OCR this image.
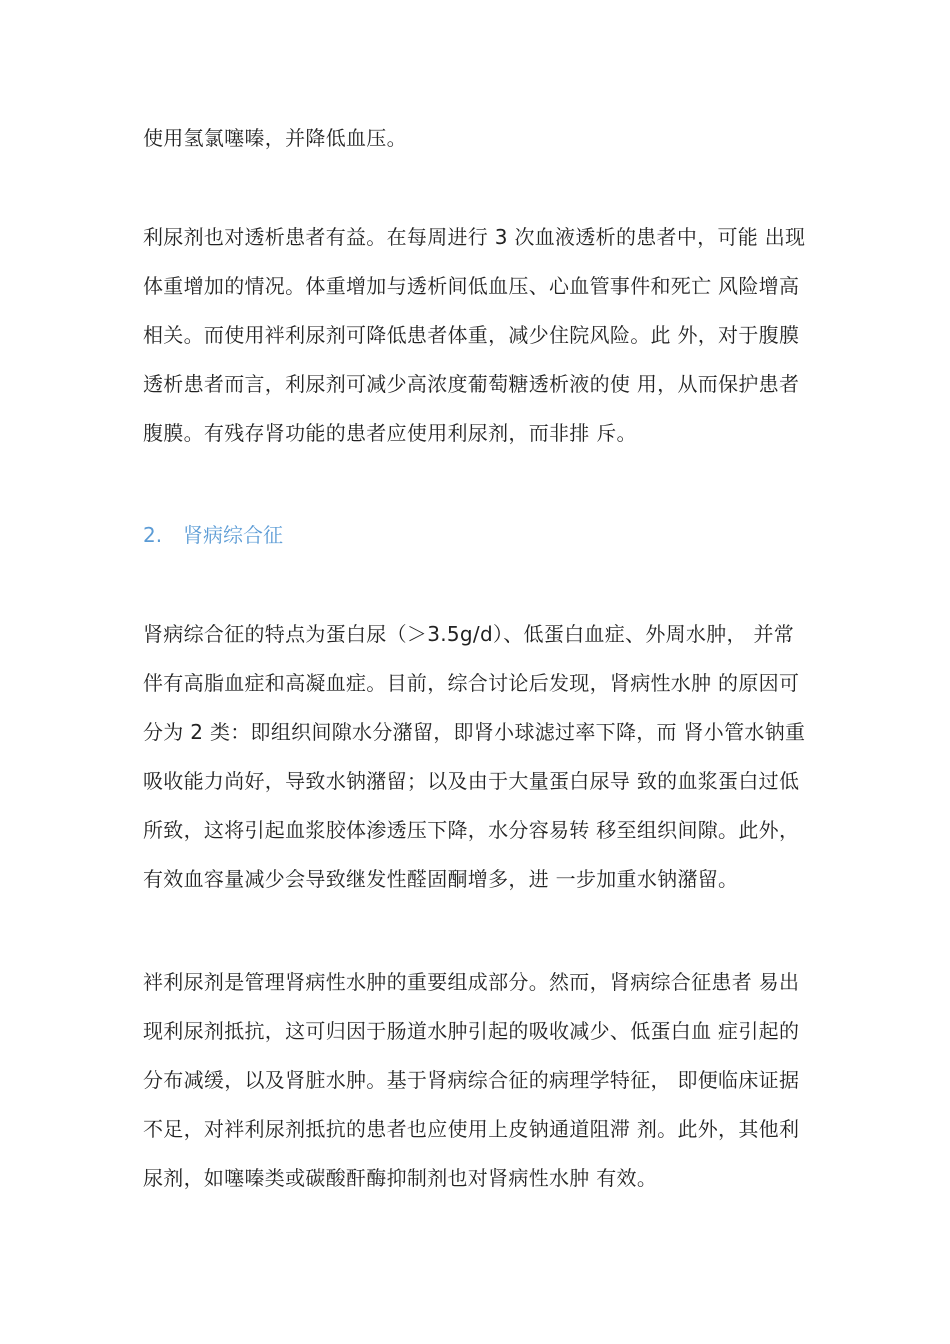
使用氢氯噻嗪，并降低血压。
利尿剂也对透析患者有益。在每周进行 3 次血液透析的患者中，可能 出现
体重增加的情况。体重增加与透析间低血压、心血管事件和死亡 风险增高
相关。而使用袢利尿剂可降低患者体重，减少住院风险。此 外，对于腹膜
透析患者而言，利尿剂可减少高浓度葡萄糖透析液的使 用，从而保护患者
腹膜。有残存肾功能的患者应使用利尿剂，而非排 斥。
2. 肾病综合征
肾病综合征的特点为蛋白尿（＞3.5g/d）、低蛋白血症、外周水肿， 并常
伴有高脂血症和高凝血症。目前，综合讨论后发现，肾病性水肿 的原因可
分为 2 类：即组织间隙水分潴留，即肾小球滤过率下降，而 肾小管水钠重
吸收能力尚好，导致水钠潴留；以及由于大量蛋白尿导 致的血浆蛋白过低
所致，这将引起血浆胶体渗透压下降，水分容易转 移至组织间隙。此外，
有效血容量减少会导致继发性醛固酮增多，进 一步加重水钠潴留。
袢利尿剂是管理肾病性水肿的重要组成部分。然而，肾病综合征患者 易出
现利尿剂抵抗，这可归因于肠道水肿引起的吸收减少、低蛋白血 症引起的
分布减缓，以及肾脏水肿。基于肾病综合征的病理学特征， 即便临床证据
不足，对袢利尿剂抵抗的患者也应使用上皮钠通道阻滞 剂。此外，其他利
尿剂，如噻嗪类或碳酸酐酶抑制剂也对肾病性水肿 有效。
